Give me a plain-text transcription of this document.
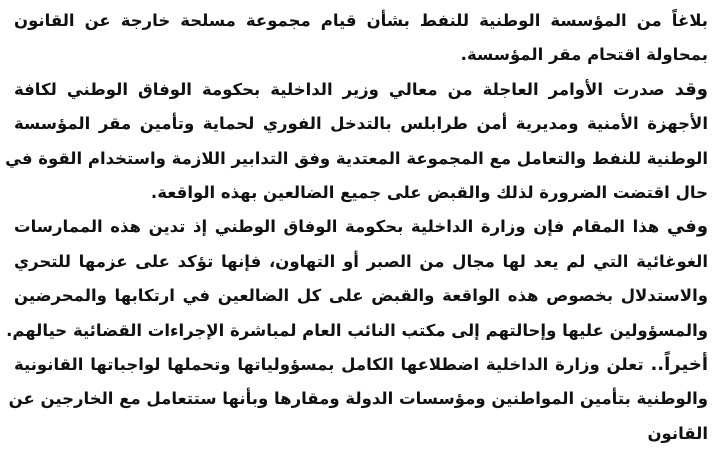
بلاغاً من المؤسسة الوطنية للنفط بشأن قيام مجموعة مسلحة خارجة عن القانون
بمحاولة اقتحام مقر المؤسسة.
وقد صدرت الأوامر العاجلة من معالي وزير الداخلية بحكومة الوفاق الوطني لكافة
الأجهزة الأمنية ومديرية أمن طرابلس بالتدخل الفوري لحماية وتأمين مقر المؤسسة
الوطنية للنفط والتعامل مع المجموعة المعتدية وفق التدابير اللازمة واستخدام القوة في
حال اقتضت الضرورة لذلك والقبض على جميع الضالعين بهذه الواقعة.
وفي هذا المقام فإن وزارة الداخلية بحكومة الوفاق الوطني إذ تدين هذه الممارسات
الغوغائية التي لم يعد لها مجال من الصبر أو التهاون، فإنها تؤكد على عزمها للتحري
والاستدلال بخصوص هذه الواقعة والقبض على كل الضالعين في ارتكابها والمحرضين
والمسؤولين عليها وإحالتهم إلى مكتب النائب العام لمباشرة الإجراءات القضائية حيالهم.
أخيراً.. تعلن وزارة الداخلية اضطلاعها الكامل بمسؤولياتها وتحملها لواجباتها القانونية
والوطنية بتأمين المواطنين ومؤسسات الدولة ومقارها وبأنها ستتعامل مع الخارجين عن
القانون
